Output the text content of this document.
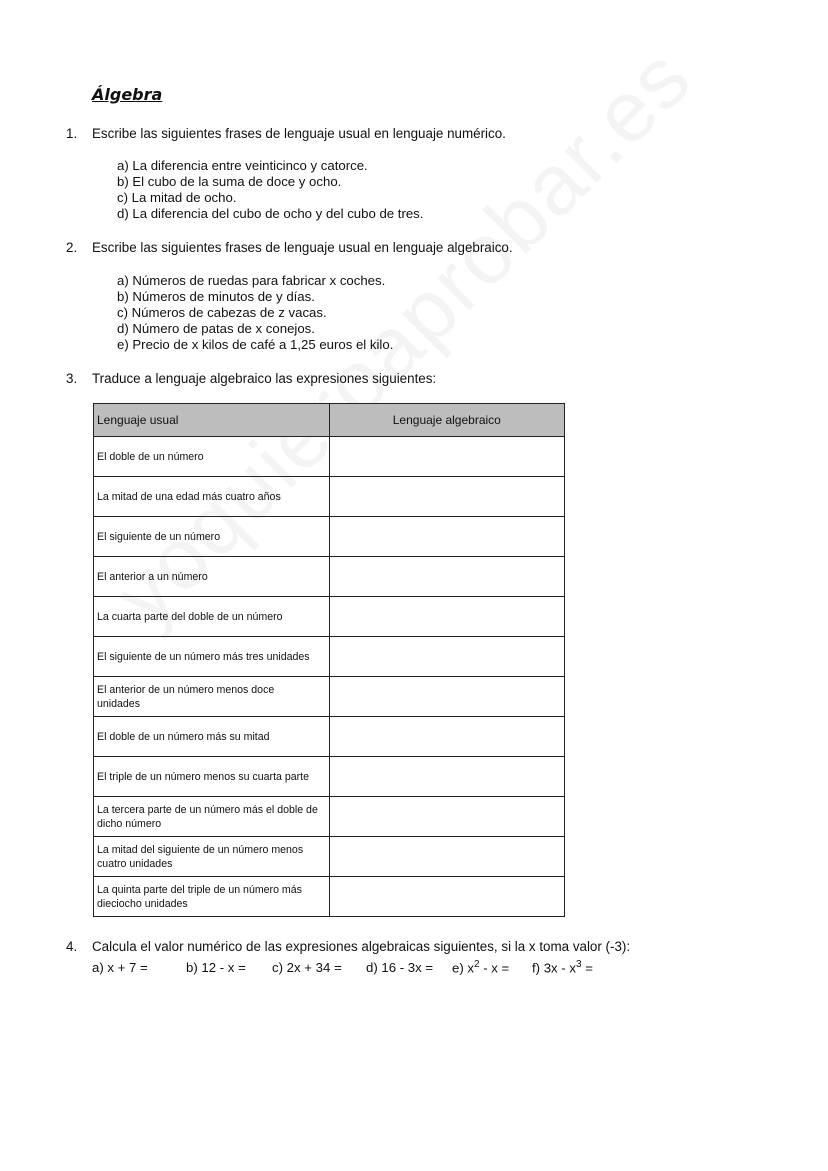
Álgebra
1. Escribe las siguientes frases de lenguaje usual en lenguaje numérico.
a) La diferencia entre veinticinco y catorce.
b) El cubo de la suma de doce y ocho.
c) La mitad de ocho.
d) La diferencia del cubo de ocho y del cubo de tres.
2. Escribe las siguientes frases de lenguaje usual en lenguaje algebraico.
a) Números de ruedas para fabricar x coches.
b) Números de minutos de y días.
c) Números de cabezas de z vacas.
d) Número de patas de x conejos.
e) Precio de x kilos de café a 1,25 euros el kilo.
3. Traduce a lenguaje algebraico las expresiones siguientes:
Lenguaje usual	Lenguaje algebraico
El doble de un número	
La mitad de una edad más cuatro años	
El siguiente de un número	
El anterior a un número	
La cuarta parte del doble de un número	
El siguiente de un número más tres unidades	
El anterior de un número menos doce unidades	
El doble de un número más su mitad	
El triple de un número menos su cuarta parte	
La tercera parte de un número más el doble de dicho número	
La mitad del siguiente de un número menos cuatro unidades	
La quinta parte del triple de un número más dieciocho unidades	
4. Calcula el valor numérico de las expresiones algebraicas siguientes, si la x toma valor (-3):
a) x + 7 =	b) 12 - x = c) 2x + 34 = d) 16 - 3x = e) $x^2 - x = f$) $3x - x^3$ =
